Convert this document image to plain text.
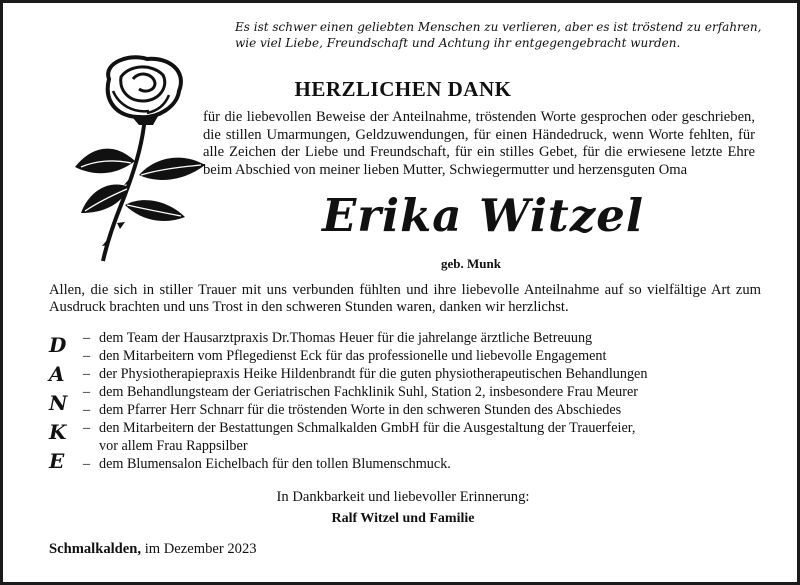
Es ist schwer einen geliebten Menschen zu verlieren, aber es ist tröstend zu erfahren,
wie viel Liebe, Freundschaft und Achtung ihr entgegengebracht wurden.
HERZLICHEN DANK
für die liebevollen Beweise der Anteilnahme, tröstenden Worte gesprochen oder geschrieben, die stillen Umarmungen, Geldzuwendungen, für einen Händedruck, wenn Worte fehlten, für alle Zeichen der Liebe und Freundschaft, für ein stilles Gebet, für die erwiesene letzte Ehre beim Abschied von meiner lieben Mutter, Schwiegermutter und herzensguten Oma
Erika Witzel
geb. Munk
Allen, die sich in stiller Trauer mit uns verbunden fühlten und ihre liebevolle Anteilnahme auf so vielfältige Art zum Ausdruck brachten und uns Trost in den schweren Stunden waren, danken wir herzlichst.
D
A
N
K
E
– dem Team der Hausarztpraxis Dr.Thomas Heuer für die jahrelange ärztliche Betreuung
– den Mitarbeitern vom Pflegedienst Eck für das professionelle und liebevolle Engagement
– der Physiotherapiepraxis Heike Hildenbrandt für die guten physiotherapeutischen Behandlungen
– dem Behandlungsteam der Geriatrischen Fachklinik Suhl, Station 2, insbesondere Frau Meurer
– dem Pfarrer Herr Schnarr für die tröstenden Worte in den schweren Stunden des Abschiedes
– den Mitarbeitern der Bestattungen Schmalkalden GmbH für die Ausgestaltung der Trauerfeier,
vor allem Frau Rappsilber
– dem Blumensalon Eichelbach für den tollen Blumenschmuck.
In Dankbarkeit und liebevoller Erinnerung:
Ralf Witzel und Familie
Schmalkalden, im Dezember 2023
